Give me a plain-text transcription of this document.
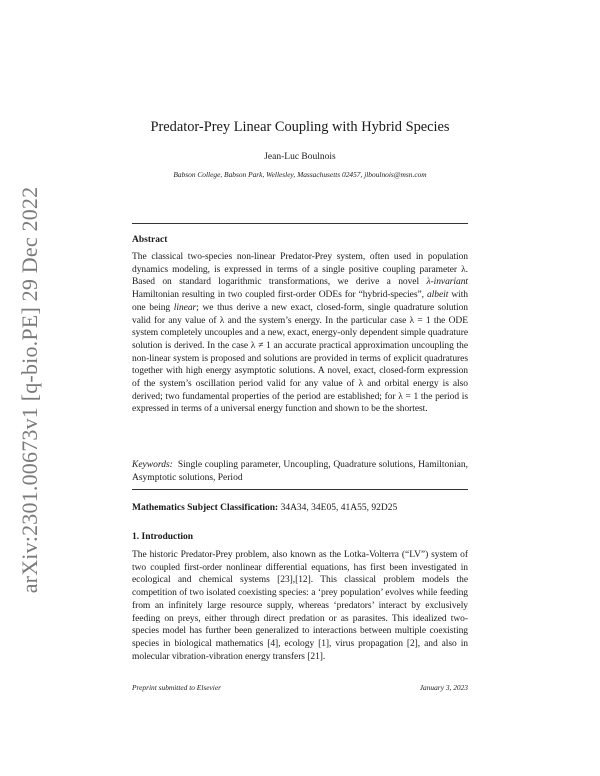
arXiv:2301.00673v1 [q-bio.PE] 29 Dec 2022
Predator-Prey Linear Coupling with Hybrid Species
Jean-Luc Boulnois
Babson College, Babson Park, Wellesley, Massachusetts 02457, jlboulnois@msn.com
Abstract

The classical two-species non-linear Predator-Prey system, often used in population dynamics modeling, is expressed in terms of a single positive coupling parameter λ. Based on standard logarithmic transformations, we derive a novel λ-invariant Hamiltonian resulting in two coupled first-order ODEs for “hybrid-species”, albeit with one being linear; we thus derive a new exact, closed-form, single quadrature solution valid for any value of λ and the system’s energy. In the particular case λ = 1 the ODE system completely uncouples and a new, exact, energy-only dependent simple quadrature solution is derived. In the case λ ≠ 1 an accurate practical approximation uncoupling the non-linear system is proposed and solutions are provided in terms of explicit quadratures together with high energy asymptotic solutions. A novel, exact, closed-form expression of the system’s oscillation period valid for any value of λ and orbital energy is also derived; two fundamental properties of the period are established; for λ = 1 the period is expressed in terms of a universal energy function and shown to be the shortest.

Keywords: Single coupling parameter, Uncoupling, Quadrature solutions, Hamiltonian, Asymptotic solutions, Period

Mathematics Subject Classification: 34A34, 34E05, 41A55, 92D25

1. Introduction

The historic Predator-Prey problem, also known as the Lotka-Volterra (“LV”) system of two coupled first-order nonlinear differential equations, has first been investigated in ecological and chemical systems [23],[12]. This classical problem models the competition of two isolated coexisting species: a ‘prey population’ evolves while feeding from an infinitely large resource supply, whereas ‘predators’ interact by exclusively feeding on preys, either through direct predation or as parasites. This idealized two-species model has further been generalized to interactions between multiple coexisting species in biological mathematics [4], ecology [1], virus propagation [2], and also in molecular vibration-vibration energy transfers [21].

Preprint submitted to Elsevier	January 3, 2023
